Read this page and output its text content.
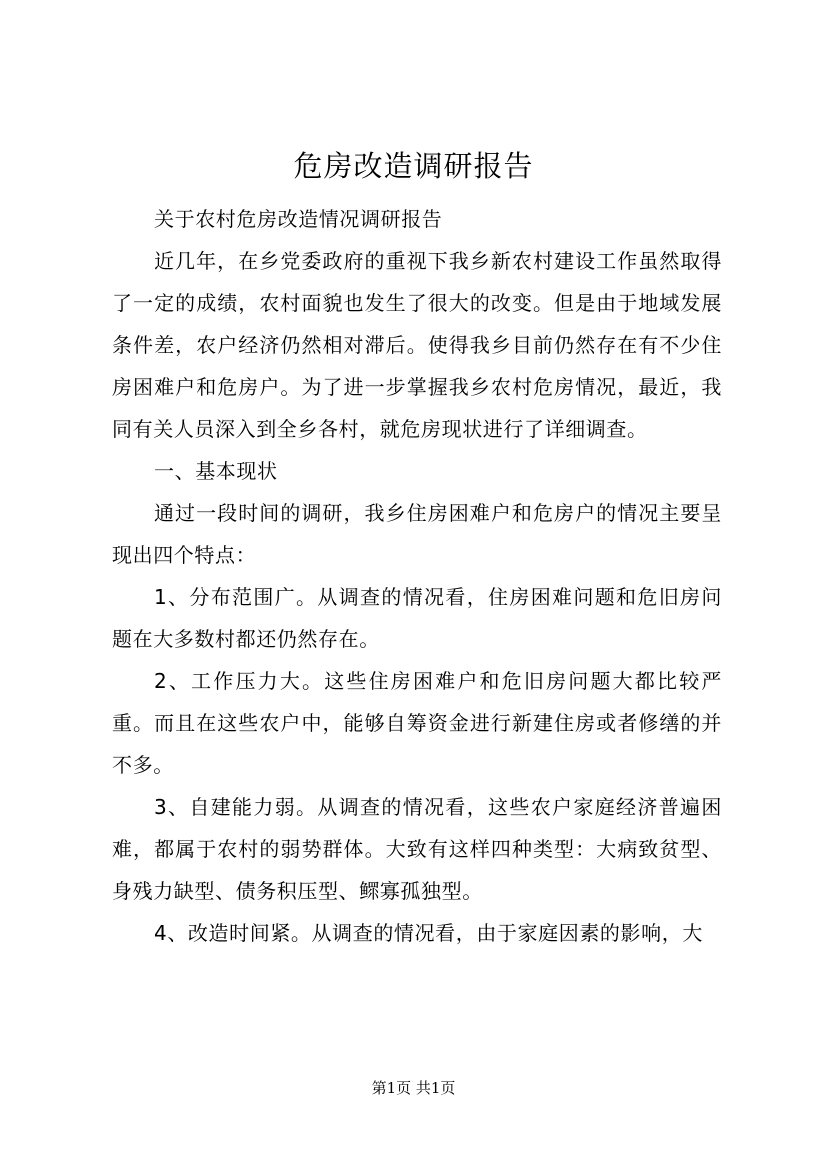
危房改造调研报告

关于农村危房改造情况调研报告

近几年，在乡党委政府的重视下我乡新农村建设工作虽然取得了一定的成绩，农村面貌也发生了很大的改变。但是由于地域发展条件差，农户经济仍然相对滞后。使得我乡目前仍然存在有不少住房困难户和危房户。为了进一步掌握我乡农村危房情况，最近，我同有关人员深入到全乡各村，就危房现状进行了详细调查。

一、基本现状

通过一段时间的调研，我乡住房困难户和危房户的情况主要呈现出四个特点：

1、分布范围广。从调查的情况看，住房困难问题和危旧房问题在大多数村都还仍然存在。

2、工作压力大。这些住房困难户和危旧房问题大都比较严重。而且在这些农户中，能够自筹资金进行新建住房或者修缮的并不多。

3、自建能力弱。从调查的情况看，这些农户家庭经济普遍困难，都属于农村的弱势群体。大致有这样四种类型：大病致贫型、身残力缺型、债务积压型、鳏寡孤独型。

4、改造时间紧。从调查的情况看，由于家庭因素的影响，大

第1页 共1页
